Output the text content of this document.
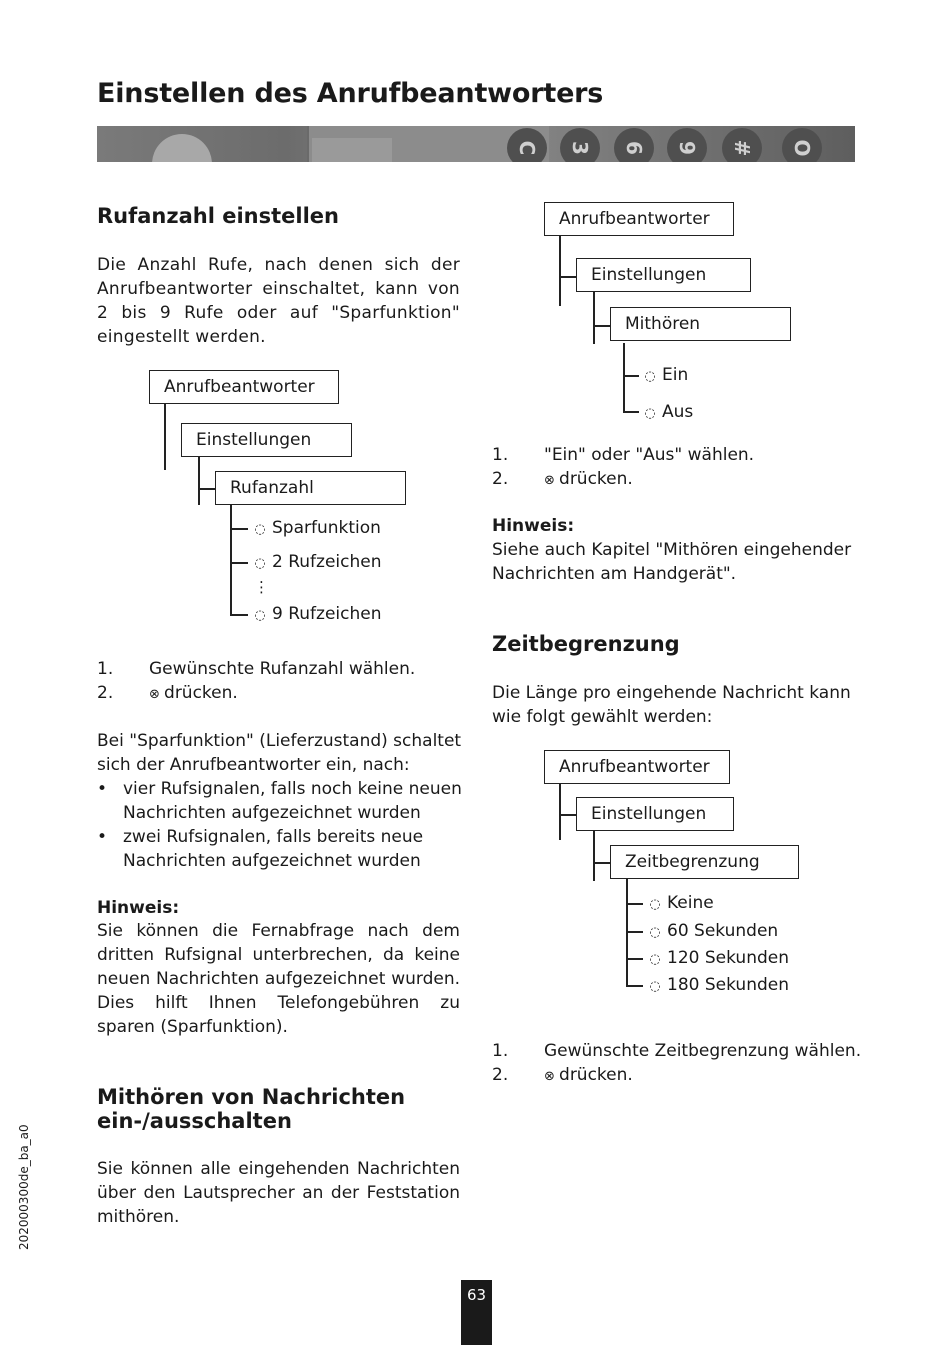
Einstellen des Anrufbeantworters
C	3	6	9	#	O
Rufanzahl einstellen
Die Anzahl Rufe, nach denen sich der Anrufbeantworter einschaltet, kann von 2 bis 9 Rufe oder auf "Sparfunktion" eingestellt werden.
Anrufbeantworter
Einstellungen
Rufanzahl
◌ Sparfunktion
◌ 2 Rufzeichen
⋮
◌ 9 Rufzeichen
1. Gewünschte Rufanzahl wählen.
2.	⊗ drücken.
Bei "Sparfunktion" (Lieferzustand) schaltet sich der Anrufbeantworter ein, nach:
• vier Rufsignalen, falls noch keine neuen Nachrichten aufgezeichnet wurden
• zwei Rufsignalen, falls bereits neue Nachrichten aufgezeichnet wurden
Hinweis:
Sie können die Fernabfrage nach dem dritten Rufsignal unterbrechen, da keine neuen Nachrichten aufgezeichnet wurden. Dies hilft Ihnen Telefongebühren zu sparen (Sparfunktion).
Mithören von Nachrichten
ein-/ausschalten
Sie können alle eingehenden Nachrichten über den Lautsprecher an der Feststation mithören.
Anrufbeantworter
Einstellungen
Mithören
◌ Ein
◌ Aus
1. "Ein" oder "Aus" wählen.
2.	⊗ drücken.
Hinweis:
Siehe auch Kapitel "Mithören eingehender Nachrichten am Handgerät".
Zeitbegrenzung
Die Länge pro eingehende Nachricht kann wie folgt gewählt werden:
Anrufbeantworter
Einstellungen
Zeitbegrenzung
◌ Keine
◌ 60 Sekunden
◌ 120 Sekunden
◌ 180 Sekunden
1. Gewünschte Zeitbegrenzung wählen.
2.	⊗ drücken.
202000300de_ba_a0
63
